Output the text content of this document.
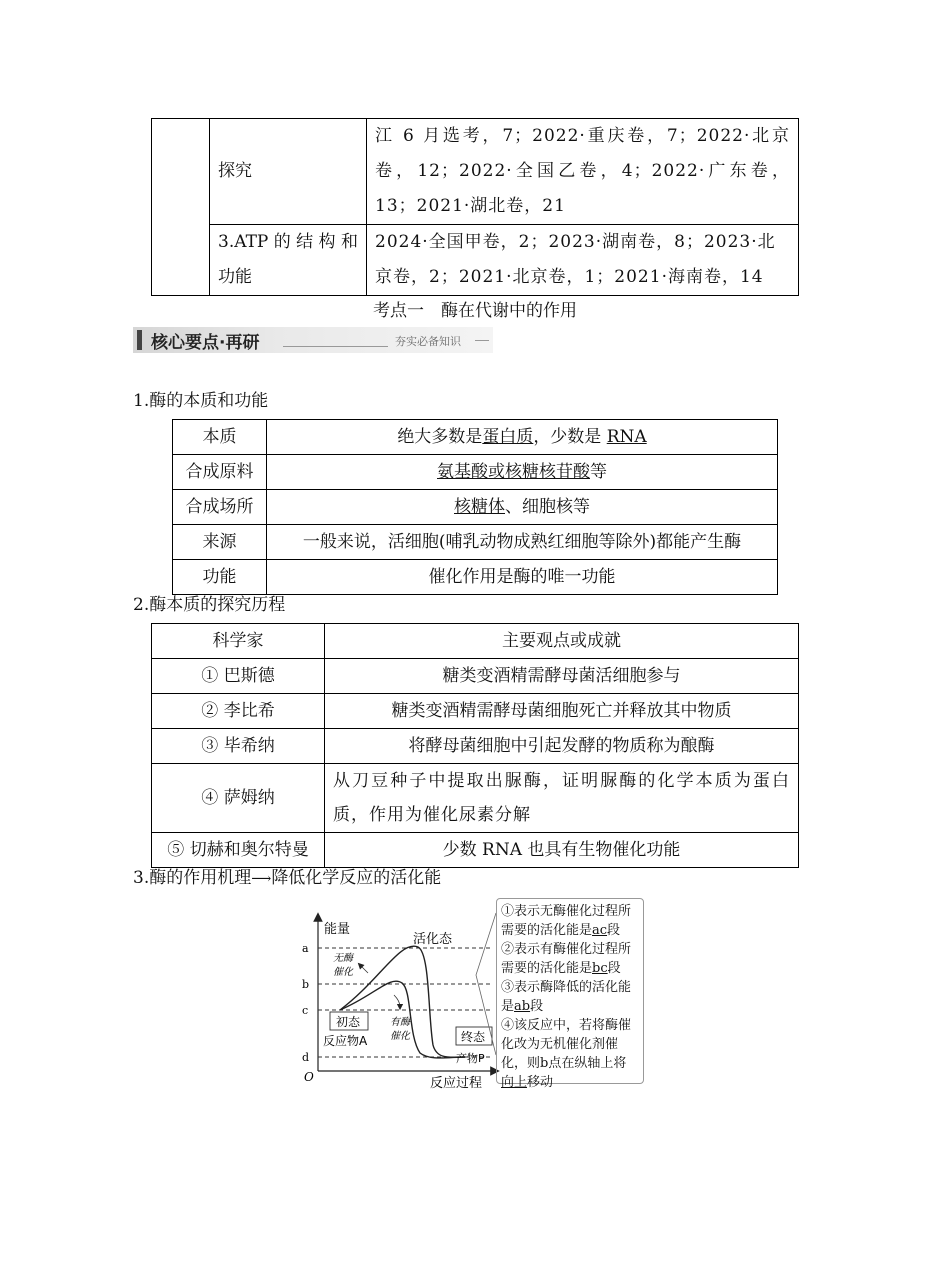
	探究	江 6 月选考，7；2022·重庆卷，7；2022·北京卷，12；2022·全国乙卷，4；2022·广东卷，13；2021·湖北卷，21
	3.ATP 的 结 构 和 功能	2024·全国甲卷，2；2023·湖南卷，8；2023·北京卷，2；2021·北京卷，1；2021·海南卷，14
考点一　酶在代谢中的作用
核心要点·再研	夯实必备知识
1.酶的本质和功能
本质	绝大多数是蛋白质，少数是 RNA
合成原料	氨基酸或核糖核苷酸等
合成场所	核糖体、细胞核等
来源	一般来说，活细胞(哺乳动物成熟红细胞等除外)都能产生酶
功能	催化作用是酶的唯一功能
2.酶本质的探究历程
科学家	主要观点或成就
① 巴斯德	糖类变酒精需酵母菌活细胞参与
② 李比希	糖类变酒精需酵母菌细胞死亡并释放其中物质
③ 毕希纳	将酵母菌细胞中引起发酵的物质称为酿酶
④ 萨姆纳	从刀豆种子中提取出脲酶，证明脲酶的化学本质为蛋白质，作用为催化尿素分解
⑤ 切赫和奥尔特曼	少数 RNA 也具有生物催化功能
3.酶的作用机理⟶降低化学反应的活化能
能量
a
b
c
d
O
活化态
无酶催化
有酶催化
初态
反应物A	终态
产物P
反应过程
①表示无酶催化过程所需要的活化能是ac段
②表示有酶催化过程所需要的活化能是bc段
③表示酶降低的活化能是ab段
④该反应中，若将酶催化改为无机催化剂催化，则b点在纵轴上将向上移动
